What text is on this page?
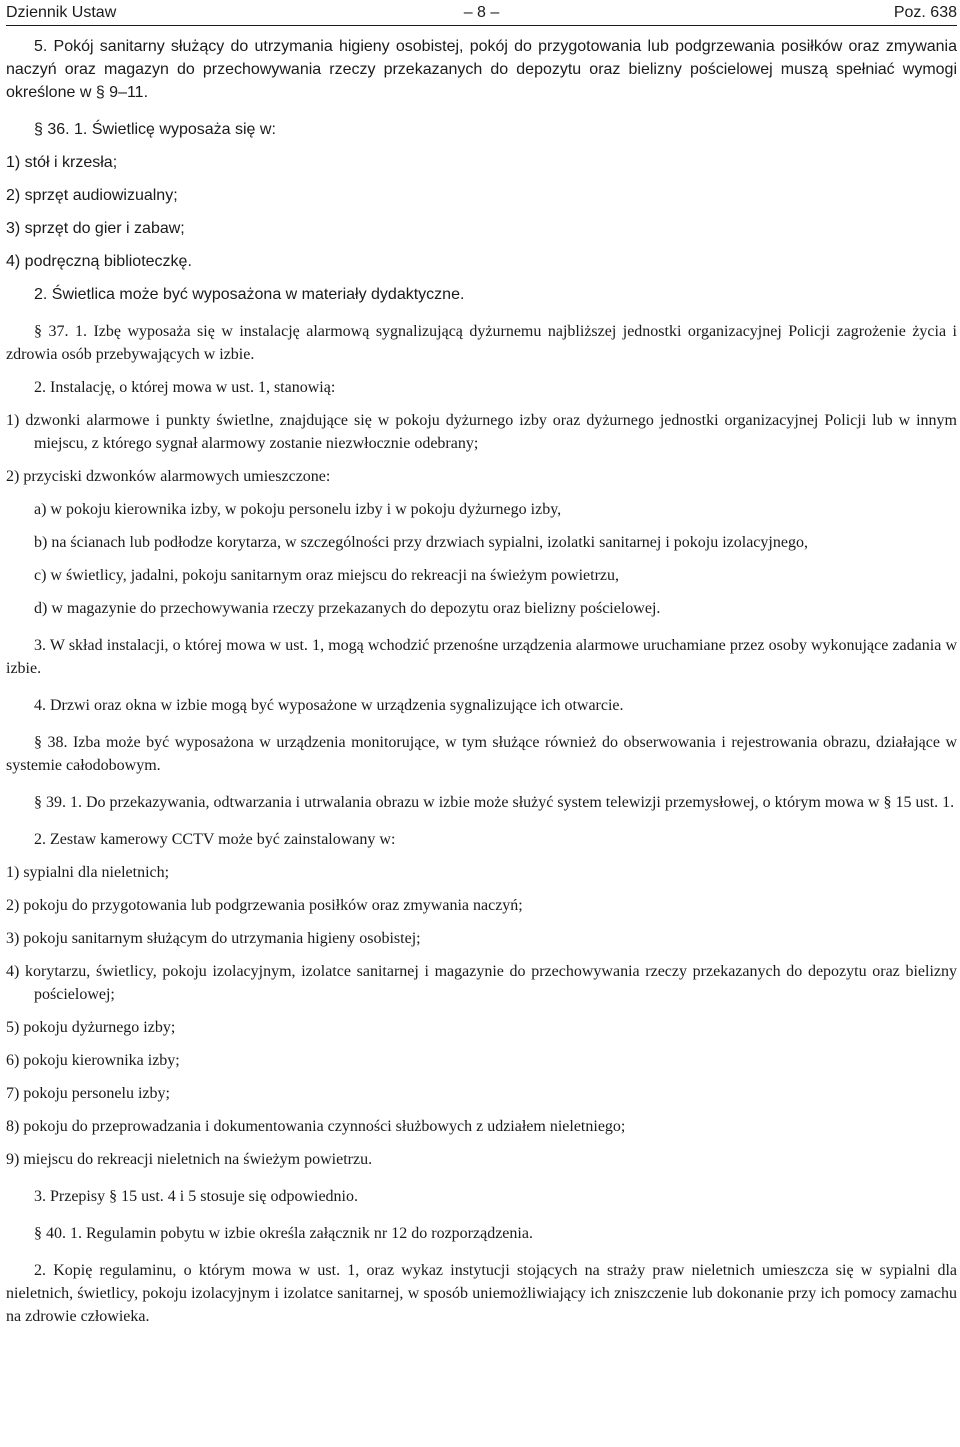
Dziennik Ustaw	– 8 –	Poz. 638

5. Pokój sanitarny służący do utrzymania higieny osobistej, pokój do przygotowania lub podgrzewania posiłków oraz zmywania naczyń oraz magazyn do przechowywania rzeczy przekazanych do depozytu oraz bielizny pościelowej muszą spełniać wymogi określone w § 9–11.

§ 36. 1. Świetlicę wyposaża się w:

1) stół i krzesła;

2) sprzęt audiowizualny;

3) sprzęt do gier i zabaw;

4) podręczną biblioteczkę.

2. Świetlica może być wyposażona w materiały dydaktyczne.

§ 37. 1. Izbę wyposaża się w instalację alarmową sygnalizującą dyżurnemu najbliższej jednostki organizacyjnej Policji zagrożenie życia i zdrowia osób przebywających w izbie.

2. Instalację, o której mowa w ust. 1, stanowią:

1) dzwonki alarmowe i punkty świetlne, znajdujące się w pokoju dyżurnego izby oraz dyżurnego jednostki organizacyjnej Policji lub w innym miejscu, z którego sygnał alarmowy zostanie niezwłocznie odebrany;

2) przyciski dzwonków alarmowych umieszczone:

a) w pokoju kierownika izby, w pokoju personelu izby i w pokoju dyżurnego izby,

b) na ścianach lub podłodze korytarza, w szczególności przy drzwiach sypialni, izolatki sanitarnej i pokoju izolacyjnego,

c) w świetlicy, jadalni, pokoju sanitarnym oraz miejscu do rekreacji na świeżym powietrzu,

d) w magazynie do przechowywania rzeczy przekazanych do depozytu oraz bielizny pościelowej.

3. W skład instalacji, o której mowa w ust. 1, mogą wchodzić przenośne urządzenia alarmowe uruchamiane przez osoby wykonujące zadania w izbie.

4. Drzwi oraz okna w izbie mogą być wyposażone w urządzenia sygnalizujące ich otwarcie.

§ 38. Izba może być wyposażona w urządzenia monitorujące, w tym służące również do obserwowania i rejestrowania obrazu, działające w systemie całodobowym.

§ 39. 1. Do przekazywania, odtwarzania i utrwalania obrazu w izbie może służyć system telewizji przemysłowej, o którym mowa w § 15 ust. 1.

2. Zestaw kamerowy CCTV może być zainstalowany w:

1) sypialni dla nieletnich;

2) pokoju do przygotowania lub podgrzewania posiłków oraz zmywania naczyń;

3) pokoju sanitarnym służącym do utrzymania higieny osobistej;

4) korytarzu, świetlicy, pokoju izolacyjnym, izolatce sanitarnej i magazynie do przechowywania rzeczy przekazanych do depozytu oraz bielizny pościelowej;

5) pokoju dyżurnego izby;

6) pokoju kierownika izby;

7) pokoju personelu izby;

8) pokoju do przeprowadzania i dokumentowania czynności służbowych z udziałem nieletniego;

9) miejscu do rekreacji nieletnich na świeżym powietrzu.

3. Przepisy § 15 ust. 4 i 5 stosuje się odpowiednio.

§ 40. 1. Regulamin pobytu w izbie określa załącznik nr 12 do rozporządzenia.

2. Kopię regulaminu, o którym mowa w ust. 1, oraz wykaz instytucji stojących na straży praw nieletnich umieszcza się w sypialni dla nieletnich, świetlicy, pokoju izolacyjnym i izolatce sanitarnej, w sposób uniemożliwiający ich zniszczenie lub dokonanie przy ich pomocy zamachu na zdrowie człowieka.
